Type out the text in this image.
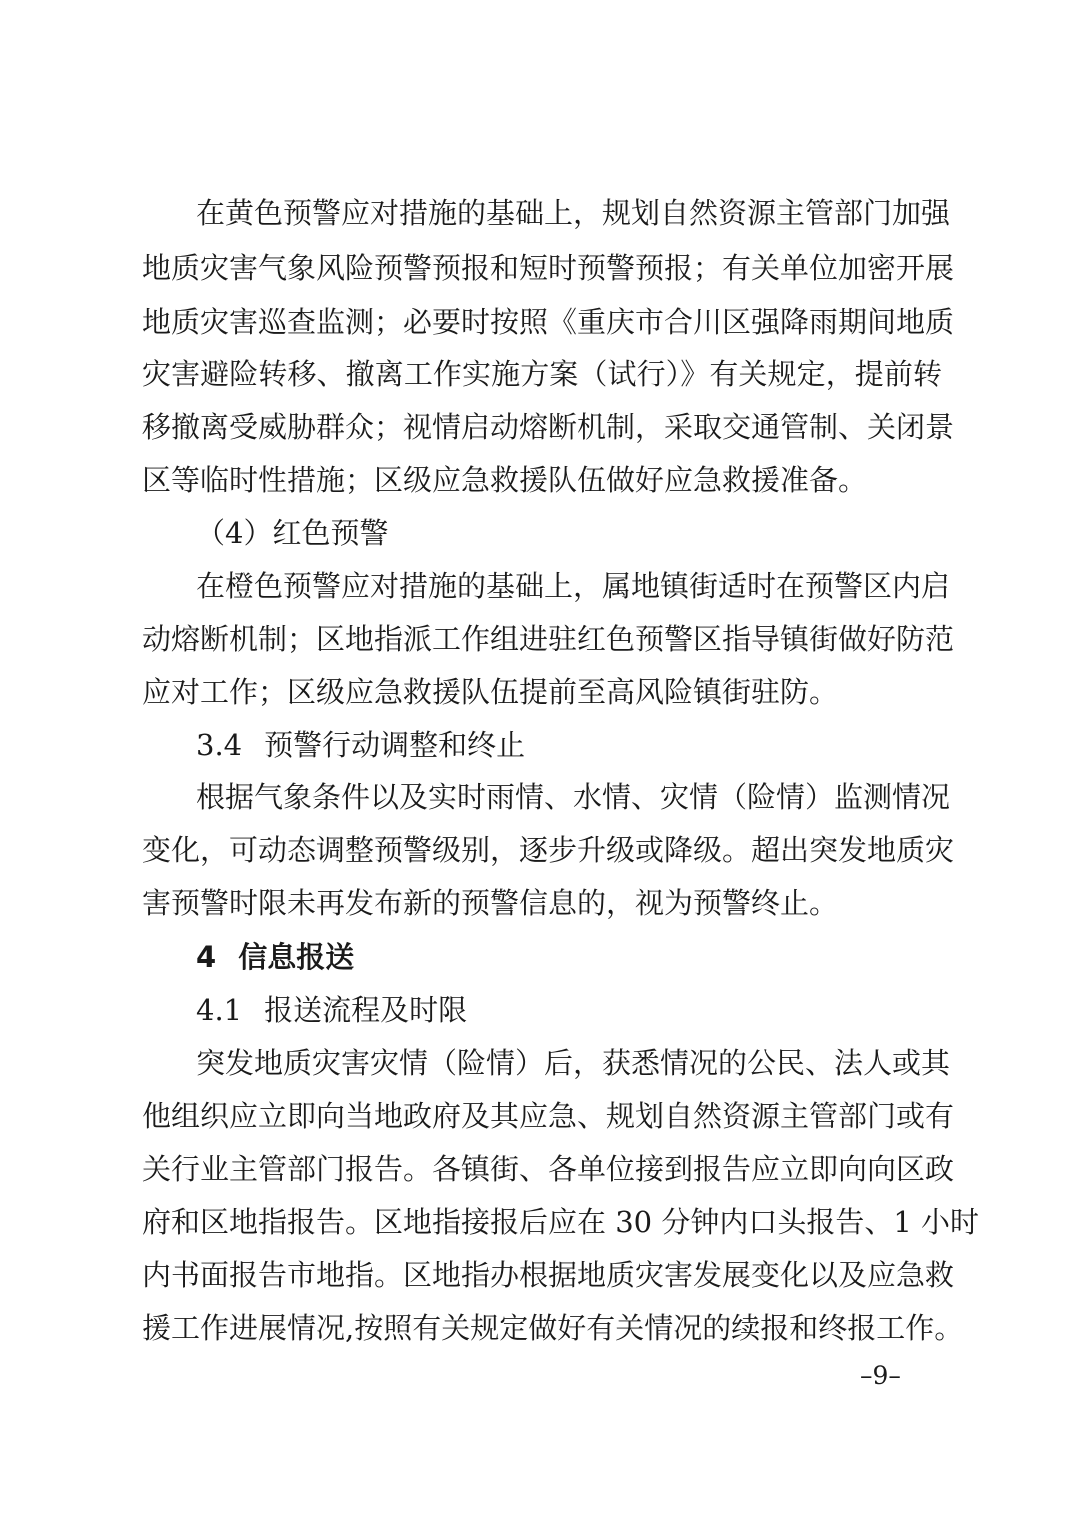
在黄色预警应对措施的基础上，规划自然资源主管部门加强
地质灾害气象风险预警预报和短时预警预报；有关单位加密开展
地质灾害巡查监测；必要时按照《重庆市合川区强降雨期间地质
灾害避险转移、撤离工作实施方案（试行）》有关规定，提前转
移撤离受威胁群众；视情启动熔断机制，采取交通管制、关闭景
区等临时性措施；区级应急救援队伍做好应急救援准备。
（4）红色预警
在橙色预警应对措施的基础上，属地镇街适时在预警区内启
动熔断机制；区地指派工作组进驻红色预警区指导镇街做好防范
应对工作；区级应急救援队伍提前至高风险镇街驻防。
3.4 预警行动调整和终止
根据气象条件以及实时雨情、水情、灾情（险情）监测情况
变化，可动态调整预警级别，逐步升级或降级。超出突发地质灾
害预警时限未再发布新的预警信息的，视为预警终止。
4 信息报送
4.1 报送流程及时限
突发地质灾害灾情（险情）后，获悉情况的公民、法人或其
他组织应立即向当地政府及其应急、规划自然资源主管部门或有
关行业主管部门报告。各镇街、各单位接到报告应立即向向区政
府和区地指报告。区地指接报后应在 30 分钟内口头报告、1 小时
内书面报告市地指。区地指办根据地质灾害发展变化以及应急救
援工作进展情况,按照有关规定做好有关情况的续报和终报工作。
–9–
